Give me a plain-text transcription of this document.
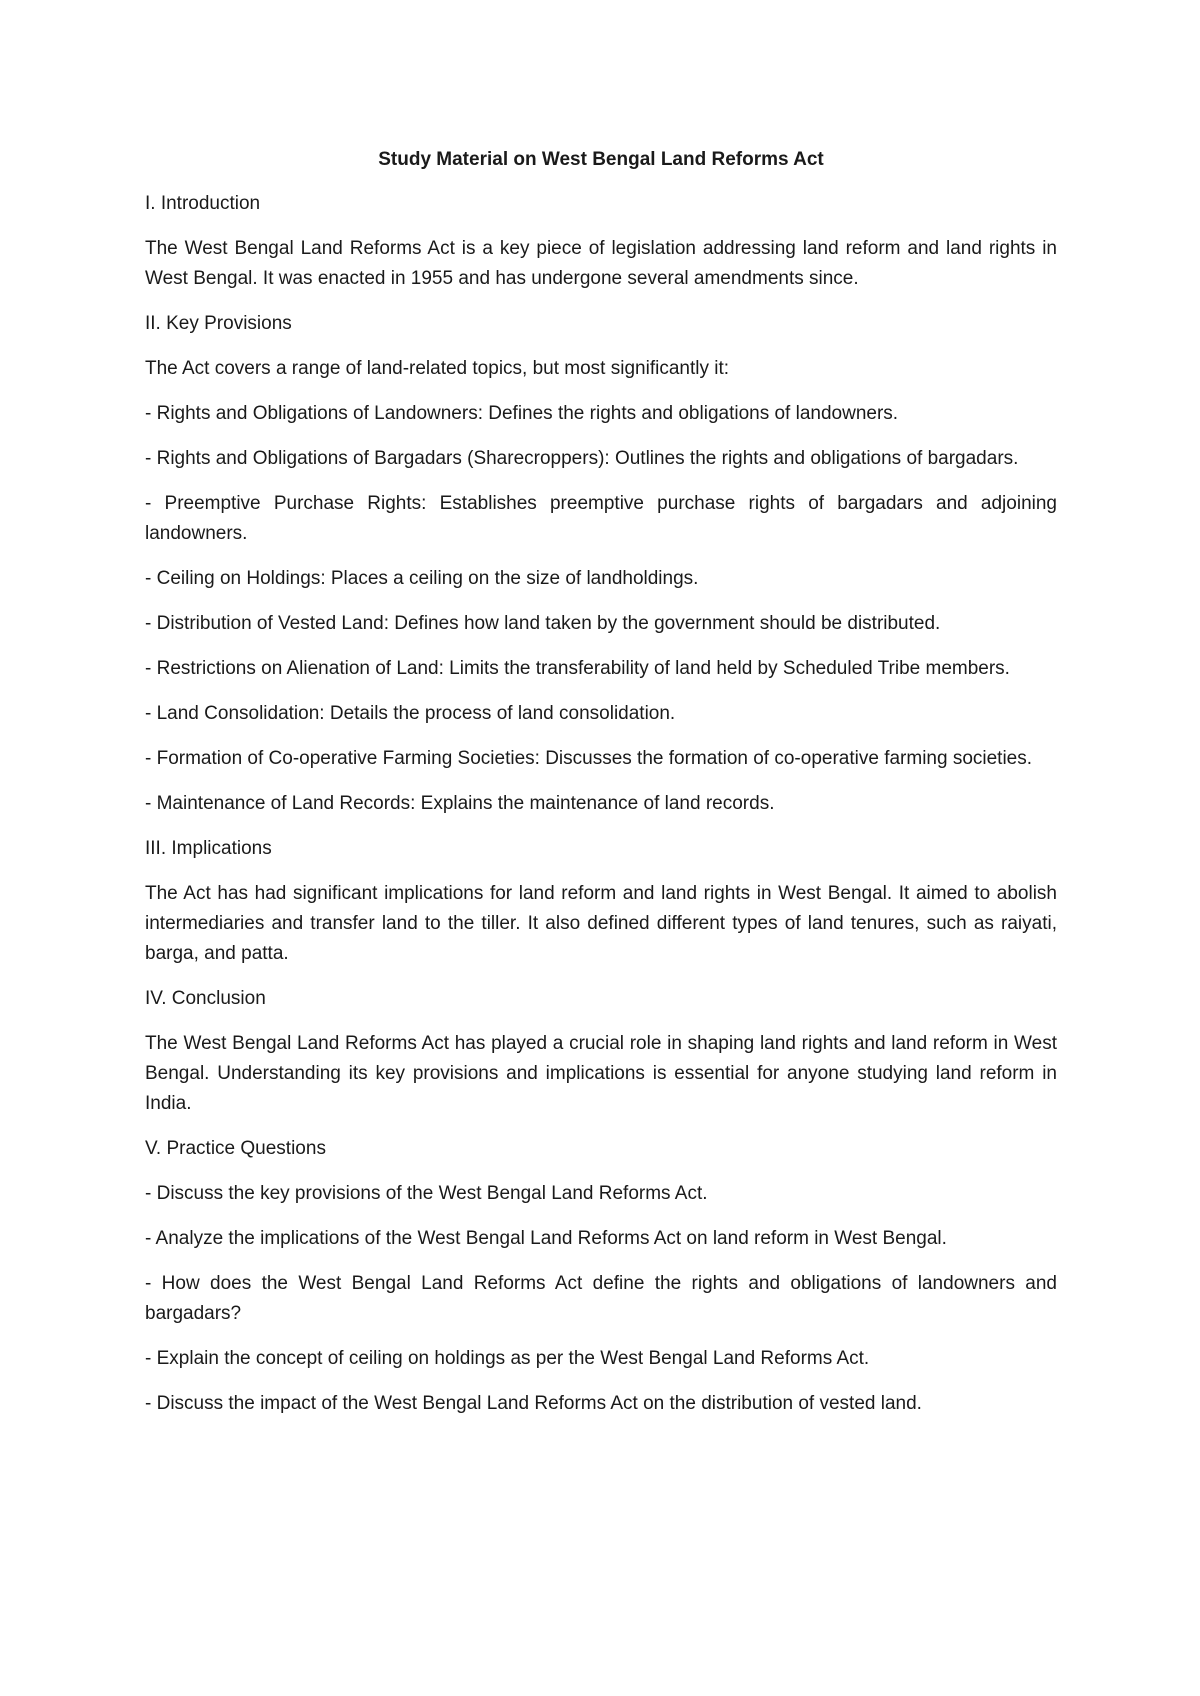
Study Material on West Bengal Land Reforms Act
I. Introduction
The West Bengal Land Reforms Act is a key piece of legislation addressing land reform and land rights in West Bengal. It was enacted in 1955 and has undergone several amendments since.
II. Key Provisions
The Act covers a range of land-related topics, but most significantly it:
- Rights and Obligations of Landowners: Defines the rights and obligations of landowners.
- Rights and Obligations of Bargadars (Sharecroppers): Outlines the rights and obligations of bargadars.
- Preemptive Purchase Rights: Establishes preemptive purchase rights of bargadars and adjoining landowners.
- Ceiling on Holdings: Places a ceiling on the size of landholdings.
- Distribution of Vested Land: Defines how land taken by the government should be distributed.
- Restrictions on Alienation of Land: Limits the transferability of land held by Scheduled Tribe members.
- Land Consolidation: Details the process of land consolidation.
- Formation of Co-operative Farming Societies: Discusses the formation of co-operative farming societies.
- Maintenance of Land Records: Explains the maintenance of land records.
III. Implications
The Act has had significant implications for land reform and land rights in West Bengal. It aimed to abolish intermediaries and transfer land to the tiller. It also defined different types of land tenures, such as raiyati, barga, and patta.
IV. Conclusion
The West Bengal Land Reforms Act has played a crucial role in shaping land rights and land reform in West Bengal. Understanding its key provisions and implications is essential for anyone studying land reform in India.
V. Practice Questions
- Discuss the key provisions of the West Bengal Land Reforms Act.
- Analyze the implications of the West Bengal Land Reforms Act on land reform in West Bengal.
- How does the West Bengal Land Reforms Act define the rights and obligations of landowners and bargadars?
- Explain the concept of ceiling on holdings as per the West Bengal Land Reforms Act.
- Discuss the impact of the West Bengal Land Reforms Act on the distribution of vested land.
